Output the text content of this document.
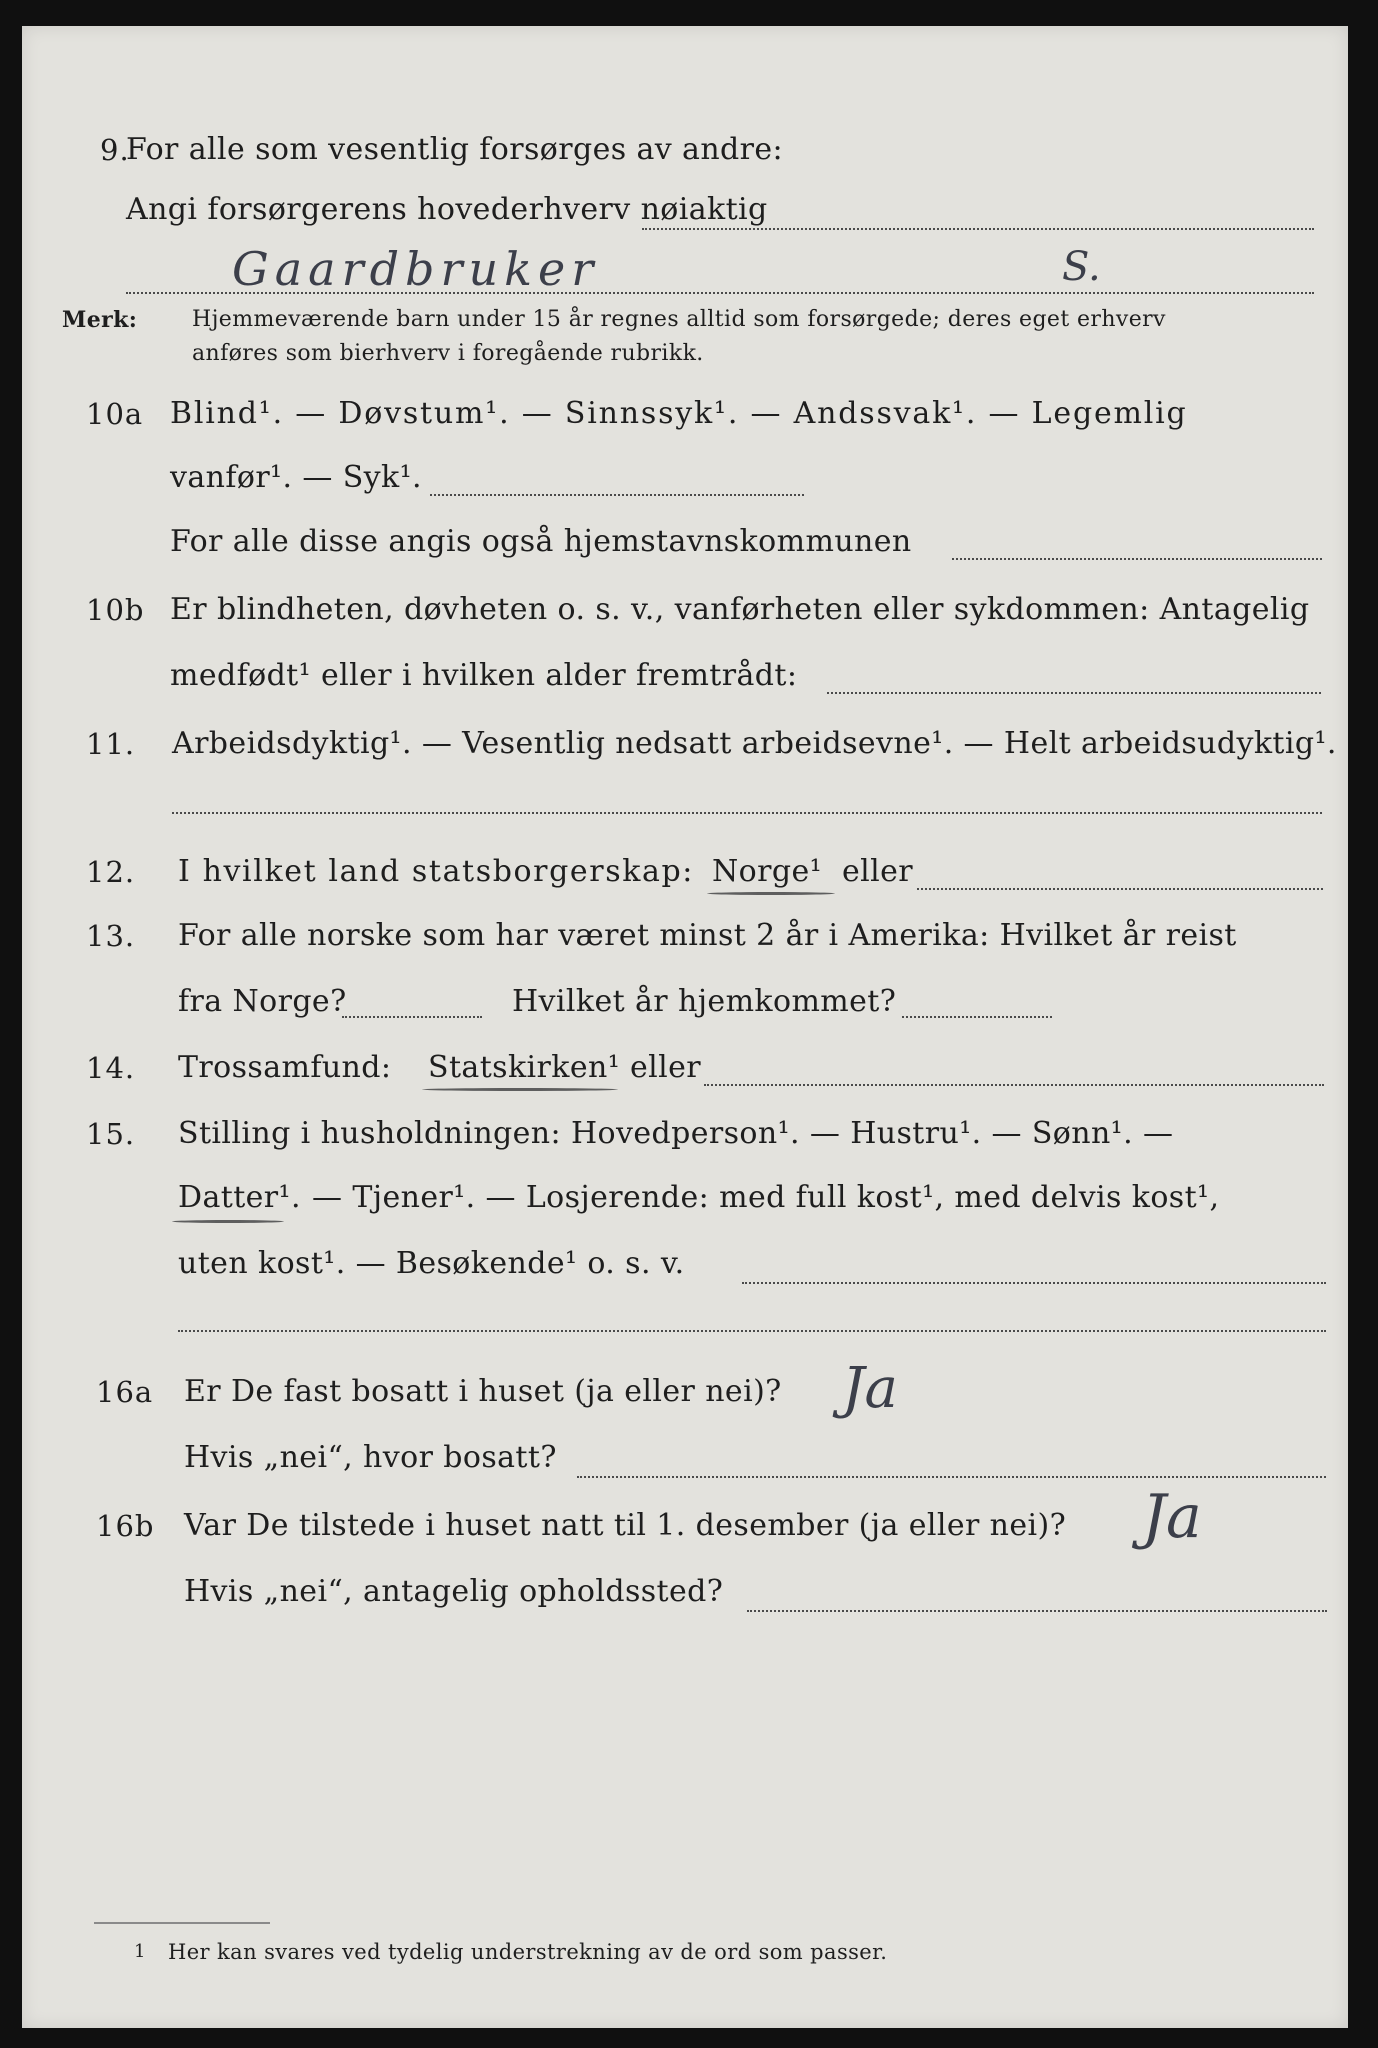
9.
For alle som vesentlig forsørges av andre:
Angi forsørgerens hovederhverv nøiaktig
Gaardbruker	S.
Merk: Hjemmeværende barn under 15 år regnes alltid som forsørgede; deres eget erhverv
anføres som bierhverv i foregående rubrikk.
10a Blind¹. — Døvstum¹. — Sinnssyk¹. — Andssvak¹. — Legemlig
vanfør¹. — Syk¹.
For alle disse angis også hjemstavnskommunen
10b Er blindheten, døvheten o. s. v., vanførheten eller sykdommen: Antagelig
medfødt¹ eller i hvilken alder fremtrådt:
11. Arbeidsdyktig¹. — Vesentlig nedsatt arbeidsevne¹. — Helt arbeidsudyktig¹.
12. I hvilket land statsborgerskap: Norge¹ eller
13. For alle norske som har været minst 2 år i Amerika: Hvilket år reist
fra Norge?	Hvilket år hjemkommet?
14. Trossamfund: Statskirken¹ eller
15. Stilling i husholdningen: Hovedperson¹. — Hustru¹. — Sønn¹. —
Datter¹. — Tjener¹. — Losjerende: med full kost¹, med delvis kost¹,
uten kost¹. — Besøkende¹ o. s. v.
16a Er De fast bosatt i huset (ja eller nei)? Ja
Hvis „nei“, hvor bosatt?
16b Var De tilstede i huset natt til 1. desember (ja eller nei)? Ja
Hvis „nei“, antagelig opholdssted?
1 Her kan svares ved tydelig understrekning av de ord som passer.
